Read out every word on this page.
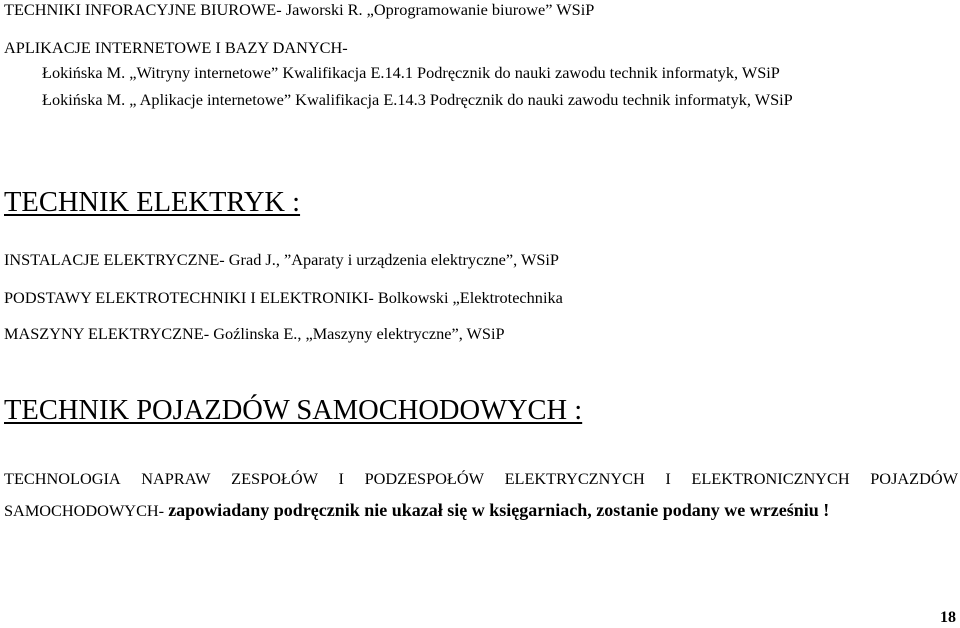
TECHNIKI INFORACYJNE BIUROWE- Jaworski R. „Oprogramowanie biurowe” WSiP
APLIKACJE INTERNETOWE I BAZY DANYCH-
Łokińska M. „Witryny internetowe” Kwalifikacja E.14.1 Podręcznik do nauki zawodu technik informatyk, WSiP
Łokińska M. „ Aplikacje internetowe” Kwalifikacja E.14.3 Podręcznik do nauki zawodu technik informatyk, WSiP
TECHNIK ELEKTRYK :
INSTALACJE ELEKTRYCZNE- Grad J., ”Aparaty i urządzenia elektryczne”, WSiP
PODSTAWY ELEKTROTECHNIKI I ELEKTRONIKI- Bolkowski „Elektrotechnika
MASZYNY ELEKTRYCZNE- Goźlinska E., „Maszyny elektryczne”, WSiP
TECHNIK POJAZDÓW SAMOCHODOWYCH :
TECHNOLOGIA NAPRAW ZESPOŁÓW I PODZESPOŁÓW ELEKTRYCZNYCH I ELEKTRONICZNYCH POJAZDÓW
SAMOCHODOWYCH- zapowiadany podręcznik nie ukazał się w księgarniach, zostanie podany we wrześniu !
18
